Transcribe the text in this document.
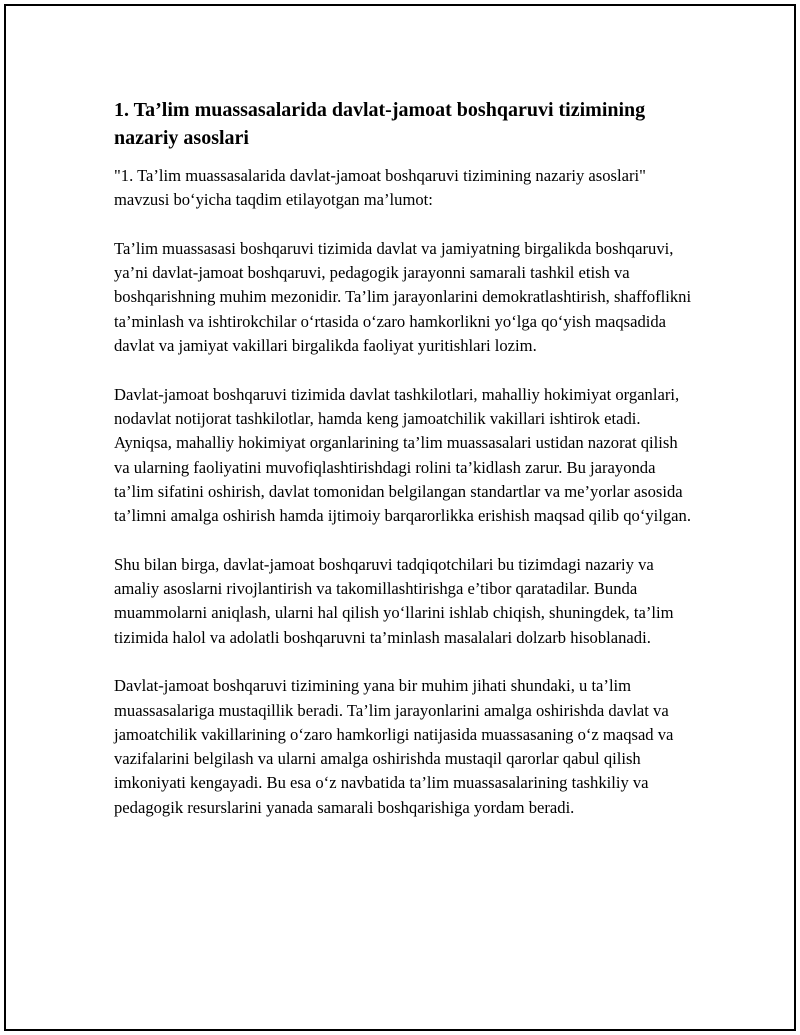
1. Ta’lim muassasalarida davlat-jamoat boshqaruvi tizimining nazariy asoslari

"1. Ta’lim muassasalarida davlat-jamoat boshqaruvi tizimining nazariy asoslari" mavzusi bo‘yicha taqdim etilayotgan ma’lumot:

Ta’lim muassasasi boshqaruvi tizimida davlat va jamiyatning birgalikda boshqaruvi, ya’ni davlat-jamoat boshqaruvi, pedagogik jarayonni samarali tashkil etish va boshqarishning muhim mezonidir. Ta’lim jarayonlarini demokratlashtirish, shaffoflikni ta’minlash va ishtirokchilar o‘rtasida o‘zaro hamkorlikni yo‘lga qo‘yish maqsadida davlat va jamiyat vakillari birgalikda faoliyat yuritishlari lozim.

Davlat-jamoat boshqaruvi tizimida davlat tashkilotlari, mahalliy hokimiyat organlari, nodavlat notijorat tashkilotlar, hamda keng jamoatchilik vakillari ishtirok etadi. Ayniqsa, mahalliy hokimiyat organlarining ta’lim muassasalari ustidan nazorat qilish va ularning faoliyatini muvofiqlashtirishdagi rolini ta’kidlash zarur. Bu jarayonda ta’lim sifatini oshirish, davlat tomonidan belgilangan standartlar va me’yorlar asosida ta’limni amalga oshirish hamda ijtimoiy barqarorlikka erishish maqsad qilib qo‘yilgan.

Shu bilan birga, davlat-jamoat boshqaruvi tadqiqotchilari bu tizimdagi nazariy va amaliy asoslarni rivojlantirish va takomillashtirishga e’tibor qaratadilar. Bunda muammolarni aniqlash, ularni hal qilish yo‘llarini ishlab chiqish, shuningdek, ta’lim tizimida halol va adolatli boshqaruvni ta’minlash masalalari dolzarb hisoblanadi.

Davlat-jamoat boshqaruvi tizimining yana bir muhim jihati shundaki, u ta’lim muassasalariga mustaqillik beradi. Ta’lim jarayonlarini amalga oshirishda davlat va jamoatchilik vakillarining o‘zaro hamkorligi natijasida muassasaning o‘z maqsad va vazifalarini belgilash va ularni amalga oshirishda mustaqil qarorlar qabul qilish imkoniyati kengayadi. Bu esa o‘z navbatida ta’lim muassasalarining tashkiliy va pedagogik resurslarini yanada samarali boshqarishiga yordam beradi.
